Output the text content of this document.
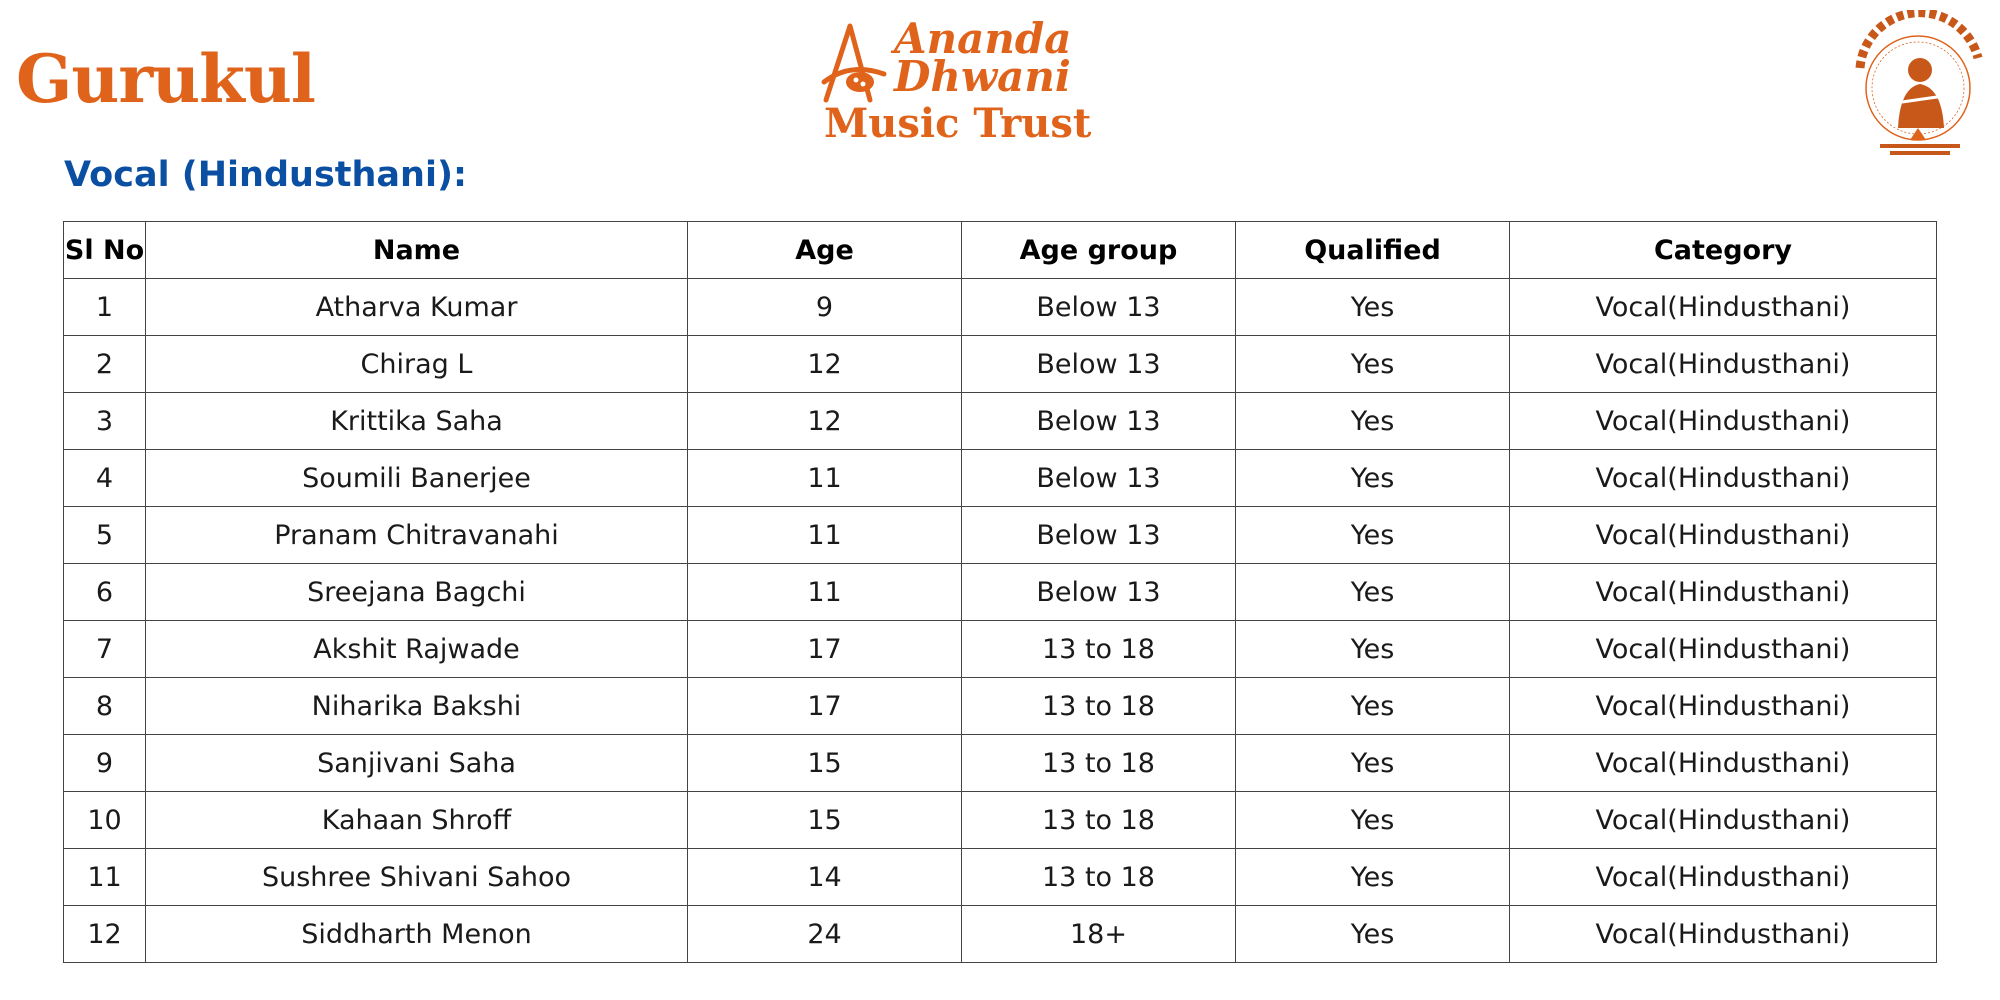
Gurukul
Ananda
Dhwani
Music Trust
Vocal (Hindusthani):
Sl No	Name	Age	Age group	Qualified	Category
1	Atharva Kumar	9	Below 13	Yes	Vocal(Hindusthani)
2	Chirag L	12	Below 13	Yes	Vocal(Hindusthani)
3	Krittika Saha	12	Below 13	Yes	Vocal(Hindusthani)
4	Soumili Banerjee	11	Below 13	Yes	Vocal(Hindusthani)
5	Pranam Chitravanahi	11	Below 13	Yes	Vocal(Hindusthani)
6	Sreejana Bagchi	11	Below 13	Yes	Vocal(Hindusthani)
7	Akshit Rajwade	17	13 to 18	Yes	Vocal(Hindusthani)
8	Niharika Bakshi	17	13 to 18	Yes	Vocal(Hindusthani)
9	Sanjivani Saha	15	13 to 18	Yes	Vocal(Hindusthani)
10	Kahaan Shroff	15	13 to 18	Yes	Vocal(Hindusthani)
11	Sushree Shivani Sahoo	14	13 to 18	Yes	Vocal(Hindusthani)
12	Siddharth Menon	24	18+	Yes	Vocal(Hindusthani)
